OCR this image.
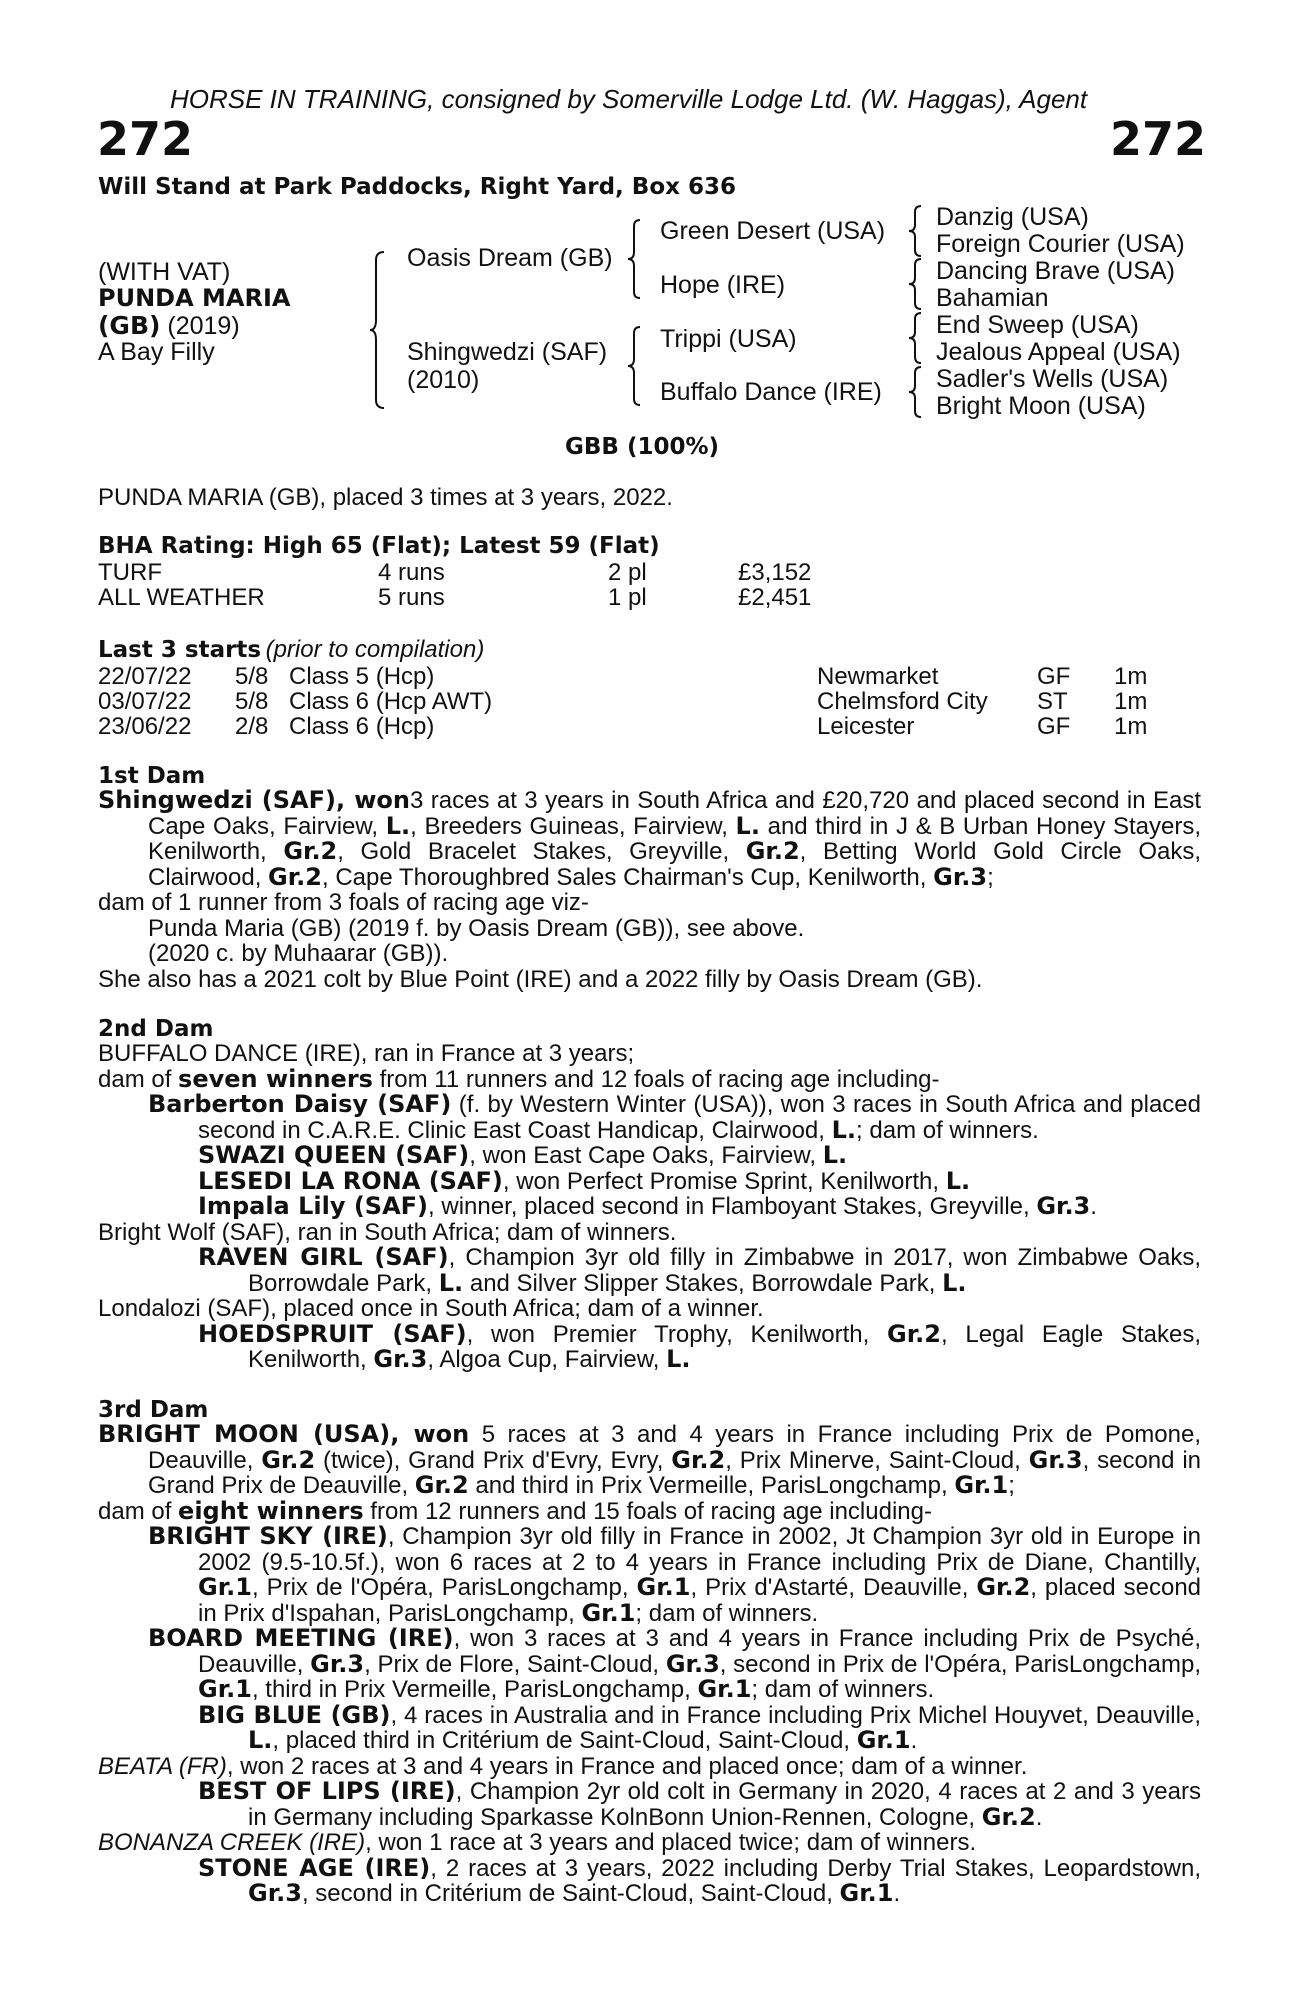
HORSE IN TRAINING, consigned by Somerville Lodge Ltd. (W. Haggas), Agent
272	272
Will Stand at Park Paddocks, Right Yard, Box 636
(WITH VAT)
PUNDA MARIA
(GB) (2019)
A Bay Filly
Oasis Dream (GB)
Shingwedzi (SAF)
(2010)
Green Desert (USA)
Hope (IRE)
Trippi (USA)
Buffalo Dance (IRE)
Danzig (USA)
Foreign Courier (USA)
Dancing Brave (USA)
Bahamian
End Sweep (USA)
Jealous Appeal (USA)
Sadler's Wells (USA)
Bright Moon (USA)
GBB (100%)
PUNDA MARIA (GB), placed 3 times at 3 years, 2022.
BHA Rating: High 65 (Flat); Latest 59 (Flat)
TURF	4 runs	2 pl	£3,152
ALL WEATHER	5 runs	1 pl	£2,451
Last 3 starts (prior to compilation)
22/07/22	5/8	Class 5 (Hcp)	Newmarket	GF	1m
03/07/22	5/8	Class 6 (Hcp AWT)	Chelmsford City	ST	1m
23/06/22	2/8	Class 6 (Hcp)	Leicester	GF	1m
1st Dam

Shingwedzi (SAF), won3 races at 3 years in South Africa and £20,720 and placed second in East Cape Oaks, Fairview, L., Breeders Guineas, Fairview, L. and third in J & B Urban Honey Stayers, Kenilworth, Gr.2, Gold Bracelet Stakes, Greyville, Gr.2, Betting World Gold Circle Oaks, Clairwood, Gr.2, Cape Thoroughbred Sales Chairman's Cup, Kenilworth, Gr.3;

dam of 1 runner from 3 foals of racing age viz-

Punda Maria (GB) (2019 f. by Oasis Dream (GB)), see above.

(2020 c. by Muhaarar (GB)).

She also has a 2021 colt by Blue Point (IRE) and a 2022 filly by Oasis Dream (GB).

2nd Dam

BUFFALO DANCE (IRE), ran in France at 3 years;

dam of seven winners from 11 runners and 12 foals of racing age including-

Barberton Daisy (SAF) (f. by Western Winter (USA)), won 3 races in South Africa and placed second in C.A.R.E. Clinic East Coast Handicap, Clairwood, L.; dam of winners.

SWAZI QUEEN (SAF), won East Cape Oaks, Fairview, L.

LESEDI LA RONA (SAF), won Perfect Promise Sprint, Kenilworth, L.

Impala Lily (SAF), winner, placed second in Flamboyant Stakes, Greyville, Gr.3.

Bright Wolf (SAF), ran in South Africa; dam of winners.

RAVEN GIRL (SAF), Champion 3yr old filly in Zimbabwe in 2017, won Zimbabwe Oaks, Borrowdale Park, L. and Silver Slipper Stakes, Borrowdale Park, L.

Londalozi (SAF), placed once in South Africa; dam of a winner.

HOEDSPRUIT (SAF), won Premier Trophy, Kenilworth, Gr.2, Legal Eagle Stakes, Kenilworth, Gr.3, Algoa Cup, Fairview, L.

3rd Dam

BRIGHT MOON (USA), won 5 races at 3 and 4 years in France including Prix de Pomone, Deauville, Gr.2 (twice), Grand Prix d'Evry, Evry, Gr.2, Prix Minerve, Saint-Cloud, Gr.3, second in Grand Prix de Deauville, Gr.2 and third in Prix Vermeille, ParisLongchamp, Gr.1;

dam of eight winners from 12 runners and 15 foals of racing age including-

BRIGHT SKY (IRE), Champion 3yr old filly in France in 2002, Jt Champion 3yr old in Europe in 2002 (9.5-10.5f.), won 6 races at 2 to 4 years in France including Prix de Diane, Chantilly, Gr.1, Prix de l'Opéra, ParisLongchamp, Gr.1, Prix d'Astarté, Deauville, Gr.2, placed second in Prix d'Ispahan, ParisLongchamp, Gr.1; dam of winners.

BOARD MEETING (IRE), won 3 races at 3 and 4 years in France including Prix de Psyché, Deauville, Gr.3, Prix de Flore, Saint-Cloud, Gr.3, second in Prix de l'Opéra, ParisLongchamp, Gr.1, third in Prix Vermeille, ParisLongchamp, Gr.1; dam of winners.

BIG BLUE (GB), 4 races in Australia and in France including Prix Michel Houyvet, Deauville, L., placed third in Critérium de Saint-Cloud, Saint-Cloud, Gr.1.

BEATA (FR), won 2 races at 3 and 4 years in France and placed once; dam of a winner.

BEST OF LIPS (IRE), Champion 2yr old colt in Germany in 2020, 4 races at 2 and 3 years in Germany including Sparkasse KolnBonn Union-Rennen, Cologne, Gr.2.

BONANZA CREEK (IRE), won 1 race at 3 years and placed twice; dam of winners.

STONE AGE (IRE), 2 races at 3 years, 2022 including Derby Trial Stakes, Leopardstown, Gr.3, second in Critérium de Saint-Cloud, Saint-Cloud, Gr.1.
